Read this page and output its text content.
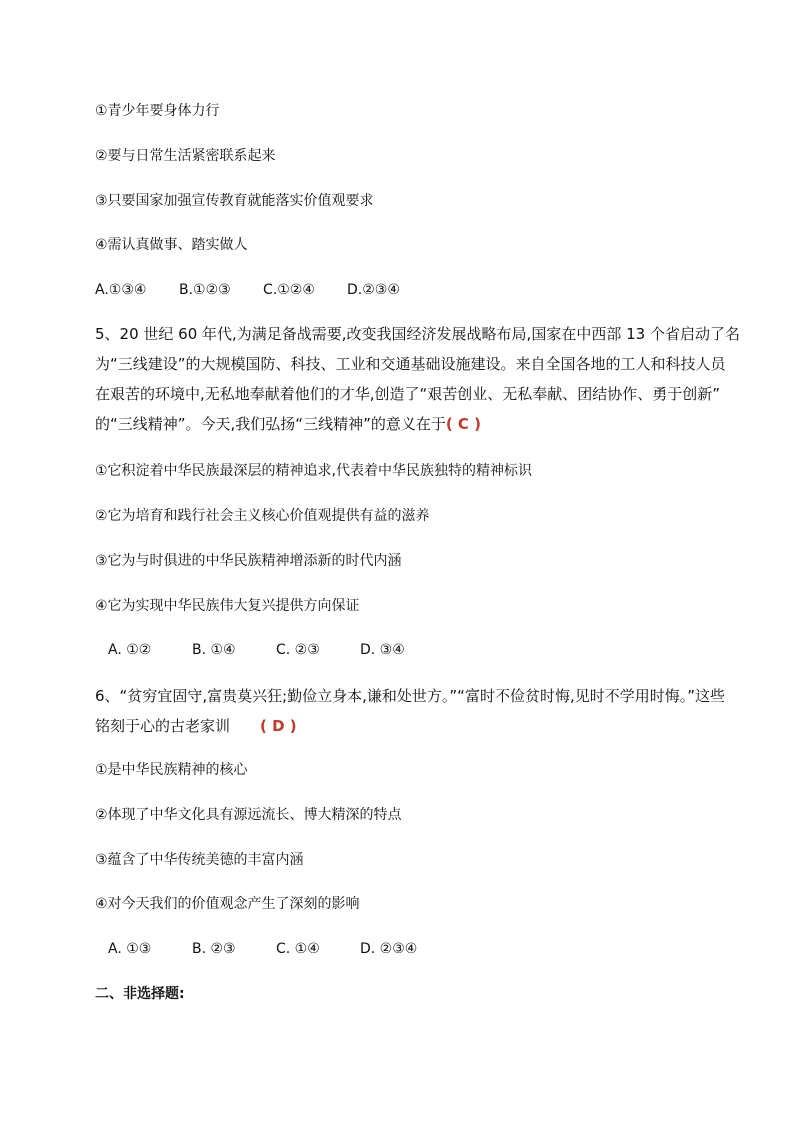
①青少年要身体力行
②要与日常生活紧密联系起来
③只要国家加强宣传教育就能落实价值观要求
④需认真做事、踏实做人
A.①③④ B.①②③ C.①②④ D.②③④
5、20 世纪 60 年代,为满足备战需要,改变我国经济发展战略布局,国家在中西部 13 个省启动了名
为“三线建设”的大规模国防、科技、工业和交通基础设施建设。来自全国各地的工人和科技人员
在艰苦的环境中,无私地奉献着他们的才华,创造了“艰苦创业、无私奉献、团结协作、勇于创新”
的“三线精神”。今天,我们弘扬“三线精神”的意义在于( C )
①它积淀着中华民族最深层的精神追求,代表着中华民族独特的精神标识
②它为培育和践行社会主义核心价值观提供有益的滋养
③它为与时俱进的中华民族精神增添新的时代内涵
④它为实现中华民族伟大复兴提供方向保证
A. ①②	B. ①④	C. ②③	D. ③④
6、“贫穷宜固守,富贵莫兴狂;勤俭立身本,谦和处世方。”“富时不俭贫时悔,见时不学用时悔。”这些
铭刻于心的古老家训 ( D )
①是中华民族精神的核心
②体现了中华文化具有源远流长、博大精深的特点
③蕴含了中华传统美德的丰富内涵
④对今天我们的价值观念产生了深刻的影响
A. ①③	B. ②③	C. ①④	D. ②③④
二、非选择题:
